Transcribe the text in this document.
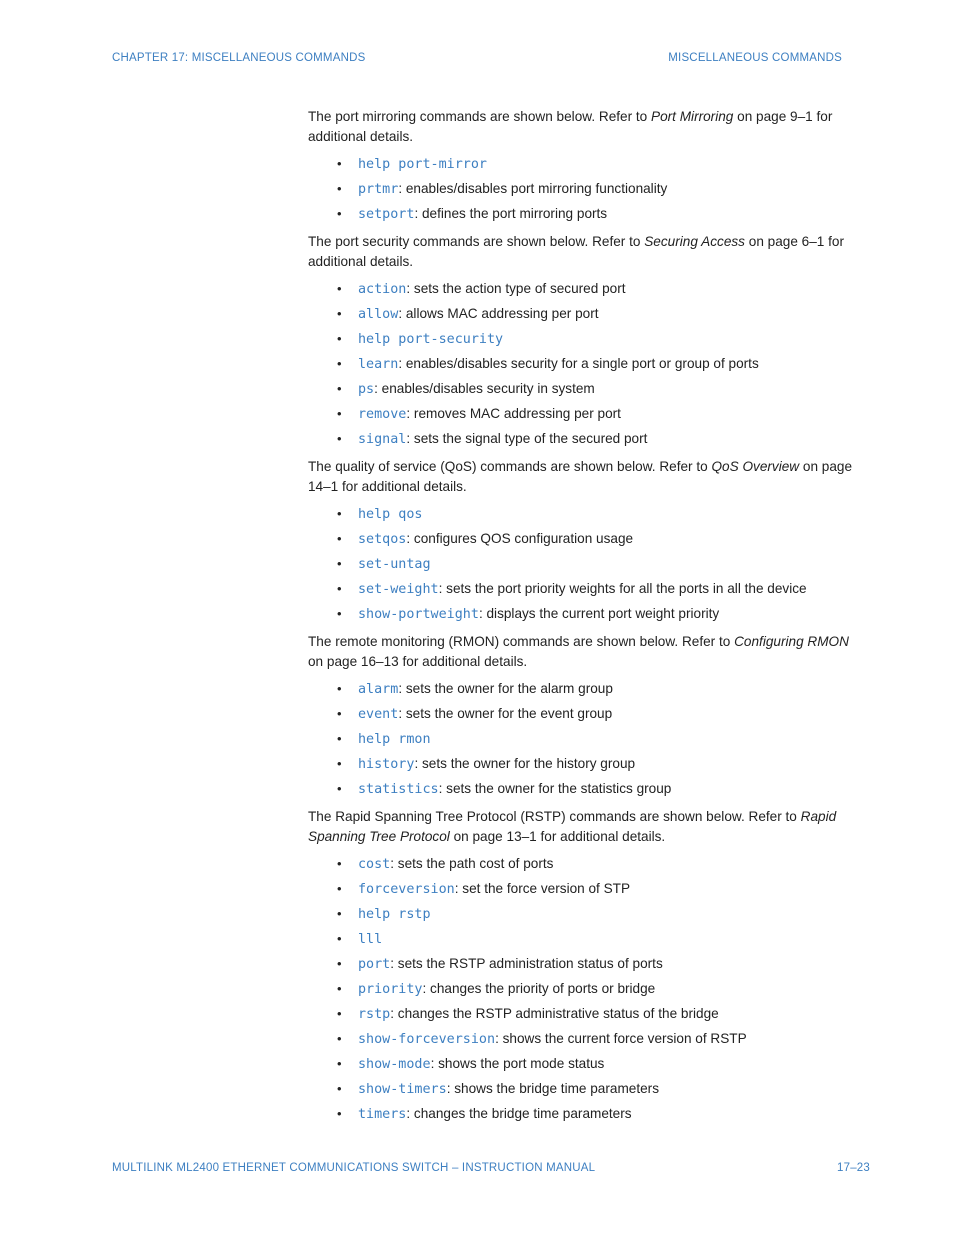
CHAPTER 17: MISCELLANEOUS COMMANDS	MISCELLANEOUS COMMANDS

The port mirroring commands are shown below. Refer to Port Mirroring on page 9–1 for additional details.

• help port-mirror
• prtmr: enables/disables port mirroring functionality
• setport: defines the port mirroring ports

The port security commands are shown below. Refer to Securing Access on page 6–1 for additional details.

• action: sets the action type of secured port
• allow: allows MAC addressing per port
• help port-security
• learn: enables/disables security for a single port or group of ports
• ps: enables/disables security in system
• remove: removes MAC addressing per port
• signal: sets the signal type of the secured port

The quality of service (QoS) commands are shown below. Refer to QoS Overview on page 14–1 for additional details.

• help qos
• setqos: configures QOS configuration usage
• set-untag
• set-weight: sets the port priority weights for all the ports in all the device
• show-portweight: displays the current port weight priority

The remote monitoring (RMON) commands are shown below. Refer to Configuring RMON on page 16–13 for additional details.

• alarm: sets the owner for the alarm group
• event: sets the owner for the event group
• help rmon
• history: sets the owner for the history group
• statistics: sets the owner for the statistics group

The Rapid Spanning Tree Protocol (RSTP) commands are shown below. Refer to Rapid Spanning Tree Protocol on page 13–1 for additional details.

• cost: sets the path cost of ports
• forceversion: set the force version of STP
• help rstp
• lll
• port: sets the RSTP administration status of ports
• priority: changes the priority of ports or bridge
• rstp: changes the RSTP administrative status of the bridge
• show-forceversion: shows the current force version of RSTP
• show-mode: shows the port mode status
• show-timers: shows the bridge time parameters
• timers: changes the bridge time parameters
MULTILINK ML2400 ETHERNET COMMUNICATIONS SWITCH – INSTRUCTION MANUAL	17–23
